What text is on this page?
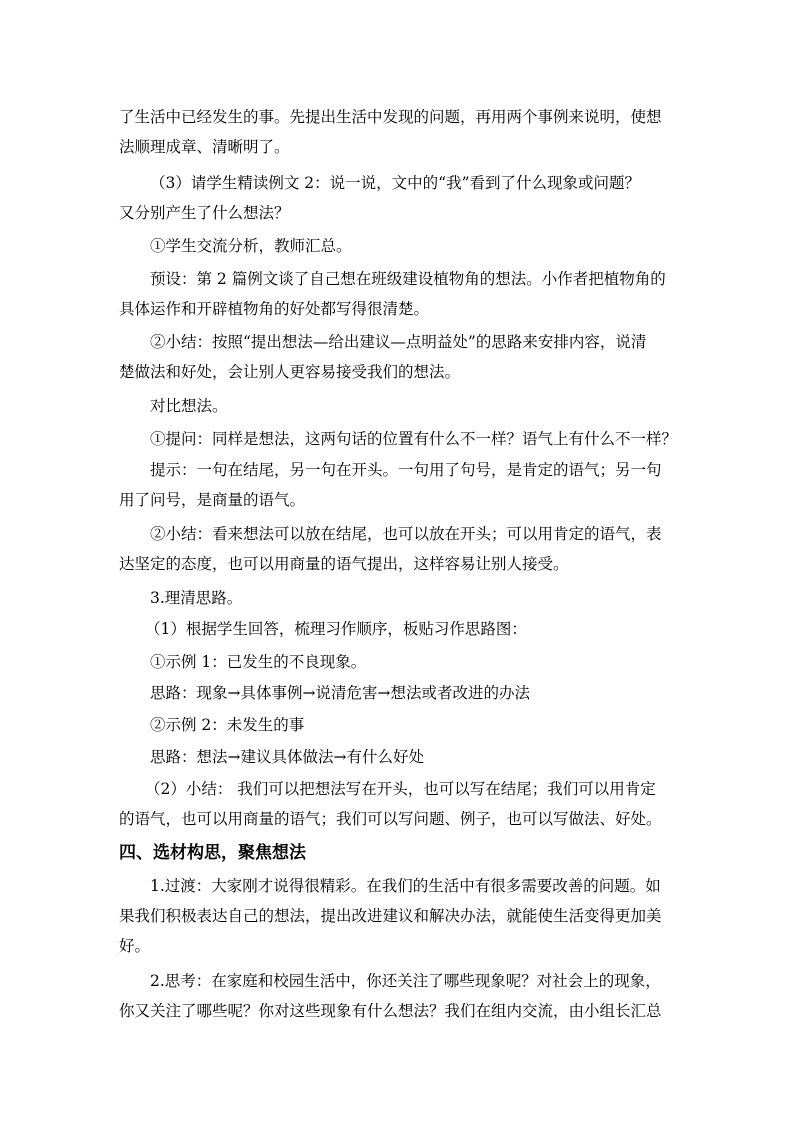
了生活中已经发生的事。先提出生活中发现的问题，再用两个事例来说明，使想
法顺理成章、清晰明了。
（3）请学生精读例文 2：说一说，文中的“我”看到了什么现象或问题？
又分别产生了什么想法？
①学生交流分析，教师汇总。
预设：第 2 篇例文谈了自己想在班级建设植物角的想法。小作者把植物角的
具体运作和开辟植物角的好处都写得很清楚。
②小结：按照“提出想法—给出建议—点明益处”的思路来安排内容，说清
楚做法和好处，会让别人更容易接受我们的想法。
对比想法。
①提问：同样是想法，这两句话的位置有什么不一样？语气上有什么不一样？
提示：一句在结尾，另一句在开头。一句用了句号，是肯定的语气；另一句
用了问号，是商量的语气。
②小结：看来想法可以放在结尾，也可以放在开头；可以用肯定的语气，表
达坚定的态度，也可以用商量的语气提出，这样容易让别人接受。
3.理清思路。
（1）根据学生回答，梳理习作顺序，板贴习作思路图：
①示例 1：已发生的不良现象。
思路：现象→具体事例→说清危害→想法或者改进的办法
②示例 2：未发生的事
思路：想法→建议具体做法→有什么好处
（2）小结： 我们可以把想法写在开头，也可以写在结尾；我们可以用肯定
的语气，也可以用商量的语气；我们可以写问题、例子，也可以写做法、好处。
四、选材构思，聚焦想法
1.过渡：大家刚才说得很精彩。在我们的生活中有很多需要改善的问题。如
果我们积极表达自己的想法，提出改进建议和解决办法，就能使生活变得更加美
好。
2.思考：在家庭和校园生活中，你还关注了哪些现象呢？对社会上的现象，
你又关注了哪些呢？你对这些现象有什么想法？我们在组内交流，由小组长汇总
